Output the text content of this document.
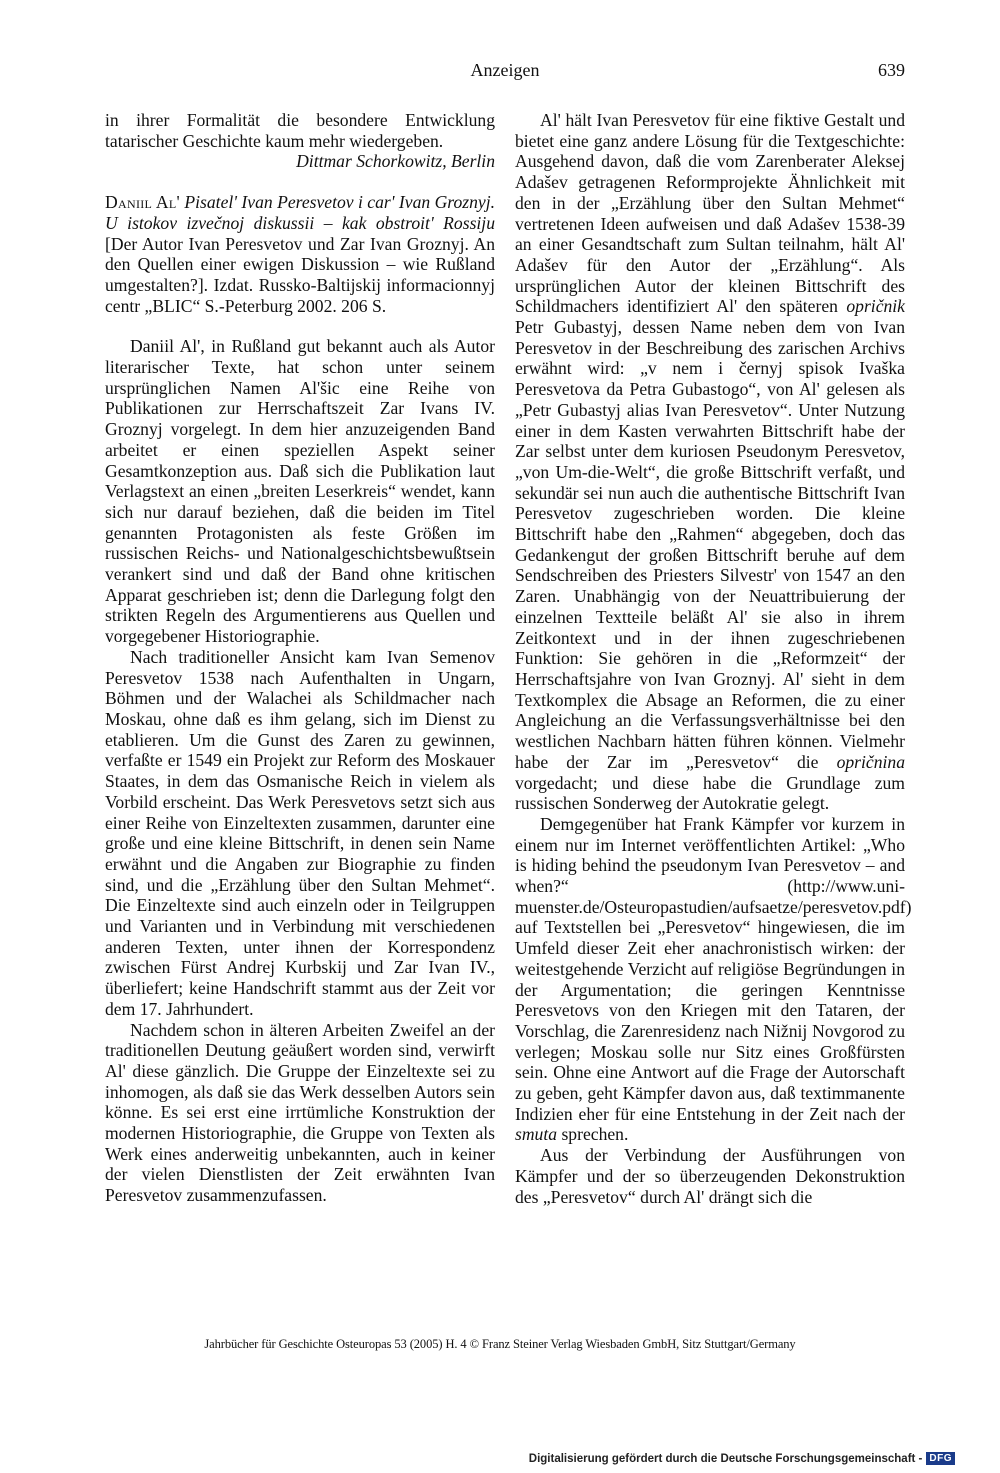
Anzeigen	639

in ihrer Formalität die besondere Entwicklung tatarischer Geschichte kaum mehr wiedergeben.

Dittmar Schorkowitz, Berlin

Daniil Al' Pisatel' Ivan Peresvetov i car' Ivan Groznyj. U istokov izvečnoj diskussii – kak obstroit' Rossiju [Der Autor Ivan Peresvetov und Zar Ivan Groznyj. An den Quellen einer ewigen Diskussion – wie Rußland umgestalten?]. Izdat. Russko-Baltijskij informacionnyj centr „BLIC“ S.-Peterburg 2002. 206 S.

Daniil Al', in Rußland gut bekannt auch als Autor literarischer Texte, hat schon unter seinem ursprünglichen Namen Al'šic eine Reihe von Publikationen zur Herrschaftszeit Zar Ivans IV. Groznyj vorgelegt. In dem hier anzuzeigenden Band arbeitet er einen speziellen Aspekt seiner Gesamtkonzeption aus. Daß sich die Publikation laut Verlagstext an einen „breiten Leserkreis“ wendet, kann sich nur darauf beziehen, daß die beiden im Titel genannten Protagonisten als feste Größen im russischen Reichs- und Nationalgeschichtsbewußtsein verankert sind und daß der Band ohne kritischen Apparat geschrieben ist; denn die Darlegung folgt den strikten Regeln des Argumentierens aus Quellen und vorgegebener Historiographie.

Nach traditioneller Ansicht kam Ivan Semenov Peresvetov 1538 nach Aufenthalten in Ungarn, Böhmen und der Walachei als Schildmacher nach Moskau, ohne daß es ihm gelang, sich im Dienst zu etablieren. Um die Gunst des Zaren zu gewinnen, verfaßte er 1549 ein Projekt zur Reform des Moskauer Staates, in dem das Osmanische Reich in vielem als Vorbild erscheint. Das Werk Peresvetovs setzt sich aus einer Reihe von Einzeltexten zusammen, darunter eine große und eine kleine Bittschrift, in denen sein Name erwähnt und die Angaben zur Biographie zu finden sind, und die „Erzählung über den Sultan Mehmet“. Die Einzeltexte sind auch einzeln oder in Teilgruppen und Varianten und in Verbindung mit verschiedenen anderen Texten, unter ihnen der Korrespondenz zwischen Fürst Andrej Kurbskij und Zar Ivan IV., überliefert; keine Handschrift stammt aus der Zeit vor dem 17. Jahrhundert.

Nachdem schon in älteren Arbeiten Zweifel an der traditionellen Deutung geäußert worden sind, verwirft Al' diese gänzlich. Die Gruppe der Einzeltexte sei zu inhomogen, als daß sie das Werk desselben Autors sein könne. Es sei erst eine irrtümliche Konstruktion der modernen Historiographie, die Gruppe von Texten als Werk eines anderweitig unbekannten, auch in keiner der vielen Dienstlisten der Zeit erwähnten Ivan Peresvetov zusammenzufassen.

Al' hält Ivan Peresvetov für eine fiktive Gestalt und bietet eine ganz andere Lösung für die Textgeschichte: Ausgehend davon, daß die vom Zarenberater Aleksej Adašev getragenen Reformprojekte Ähnlichkeit mit den in der „Erzählung über den Sultan Mehmet“ vertretenen Ideen aufweisen und daß Adašev 1538-39 an einer Gesandtschaft zum Sultan teilnahm, hält Al' Adašev für den Autor der „Erzählung“. Als ursprünglichen Autor der kleinen Bittschrift des Schildmachers identifiziert Al' den späteren opričnik Petr Gubastyj, dessen Name neben dem von Ivan Peresvetov in der Beschreibung des zarischen Archivs erwähnt wird: „v nem i černyj spisok Ivaška Peresvetova da Petra Gubastogo“, von Al' gelesen als „Petr Gubastyj alias Ivan Peresvetov“. Unter Nutzung einer in dem Kasten verwahrten Bittschrift habe der Zar selbst unter dem kuriosen Pseudonym Peresvetov, „von Um-die-Welt“, die große Bittschrift verfaßt, und sekundär sei nun auch die authentische Bittschrift Ivan Peresvetov zugeschrieben worden. Die kleine Bittschrift habe den „Rahmen“ abgegeben, doch das Gedankengut der großen Bittschrift beruhe auf dem Sendschreiben des Priesters Silvestr' von 1547 an den Zaren. Unabhängig von der Neuattribuierung der einzelnen Textteile beläßt Al' sie also in ihrem Zeitkontext und in der ihnen zugeschriebenen Funktion: Sie gehören in die „Reformzeit“ der Herrschaftsjahre von Ivan Groznyj. Al' sieht in dem Textkomplex die Absage an Reformen, die zu einer Angleichung an die Verfassungsverhältnisse bei den westlichen Nachbarn hätten führen können. Vielmehr habe der Zar im „Peresvetov“ die opričnina vorgedacht; und diese habe die Grundlage zum russischen Sonderweg der Autokratie gelegt.

Demgegenüber hat Frank Kämpfer vor kurzem in einem nur im Internet veröffentlichten Artikel: „Who is hiding behind the pseudonym Ivan Peresvetov – and when?“ (http://www.uni-muenster.de/Osteuropastudien/aufsaetze/peresvetov.pdf) auf Textstellen bei „Peresvetov“ hingewiesen, die im Umfeld dieser Zeit eher anachronistisch wirken: der weitestgehende Verzicht auf religiöse Begründungen in der Argumentation; die geringen Kenntnisse Peresvetovs von den Kriegen mit den Tataren, der Vorschlag, die Zarenresidenz nach Nižnij Novgorod zu verlegen; Moskau solle nur Sitz eines Großfürsten sein. Ohne eine Antwort auf die Frage der Autorschaft zu geben, geht Kämpfer davon aus, daß textimmanente Indizien eher für eine Entstehung in der Zeit nach der smuta sprechen.

Aus der Verbindung der Ausführungen von Kämpfer und der so überzeugenden Dekonstruktion des „Peresvetov“ durch Al' drängt sich die

Jahrbücher für Geschichte Osteuropas 53 (2005) H. 4 © Franz Steiner Verlag Wiesbaden GmbH, Sitz Stuttgart/Germany
Digitalisierung gefördert durch die Deutsche Forschungsgemeinschaft - DFG
